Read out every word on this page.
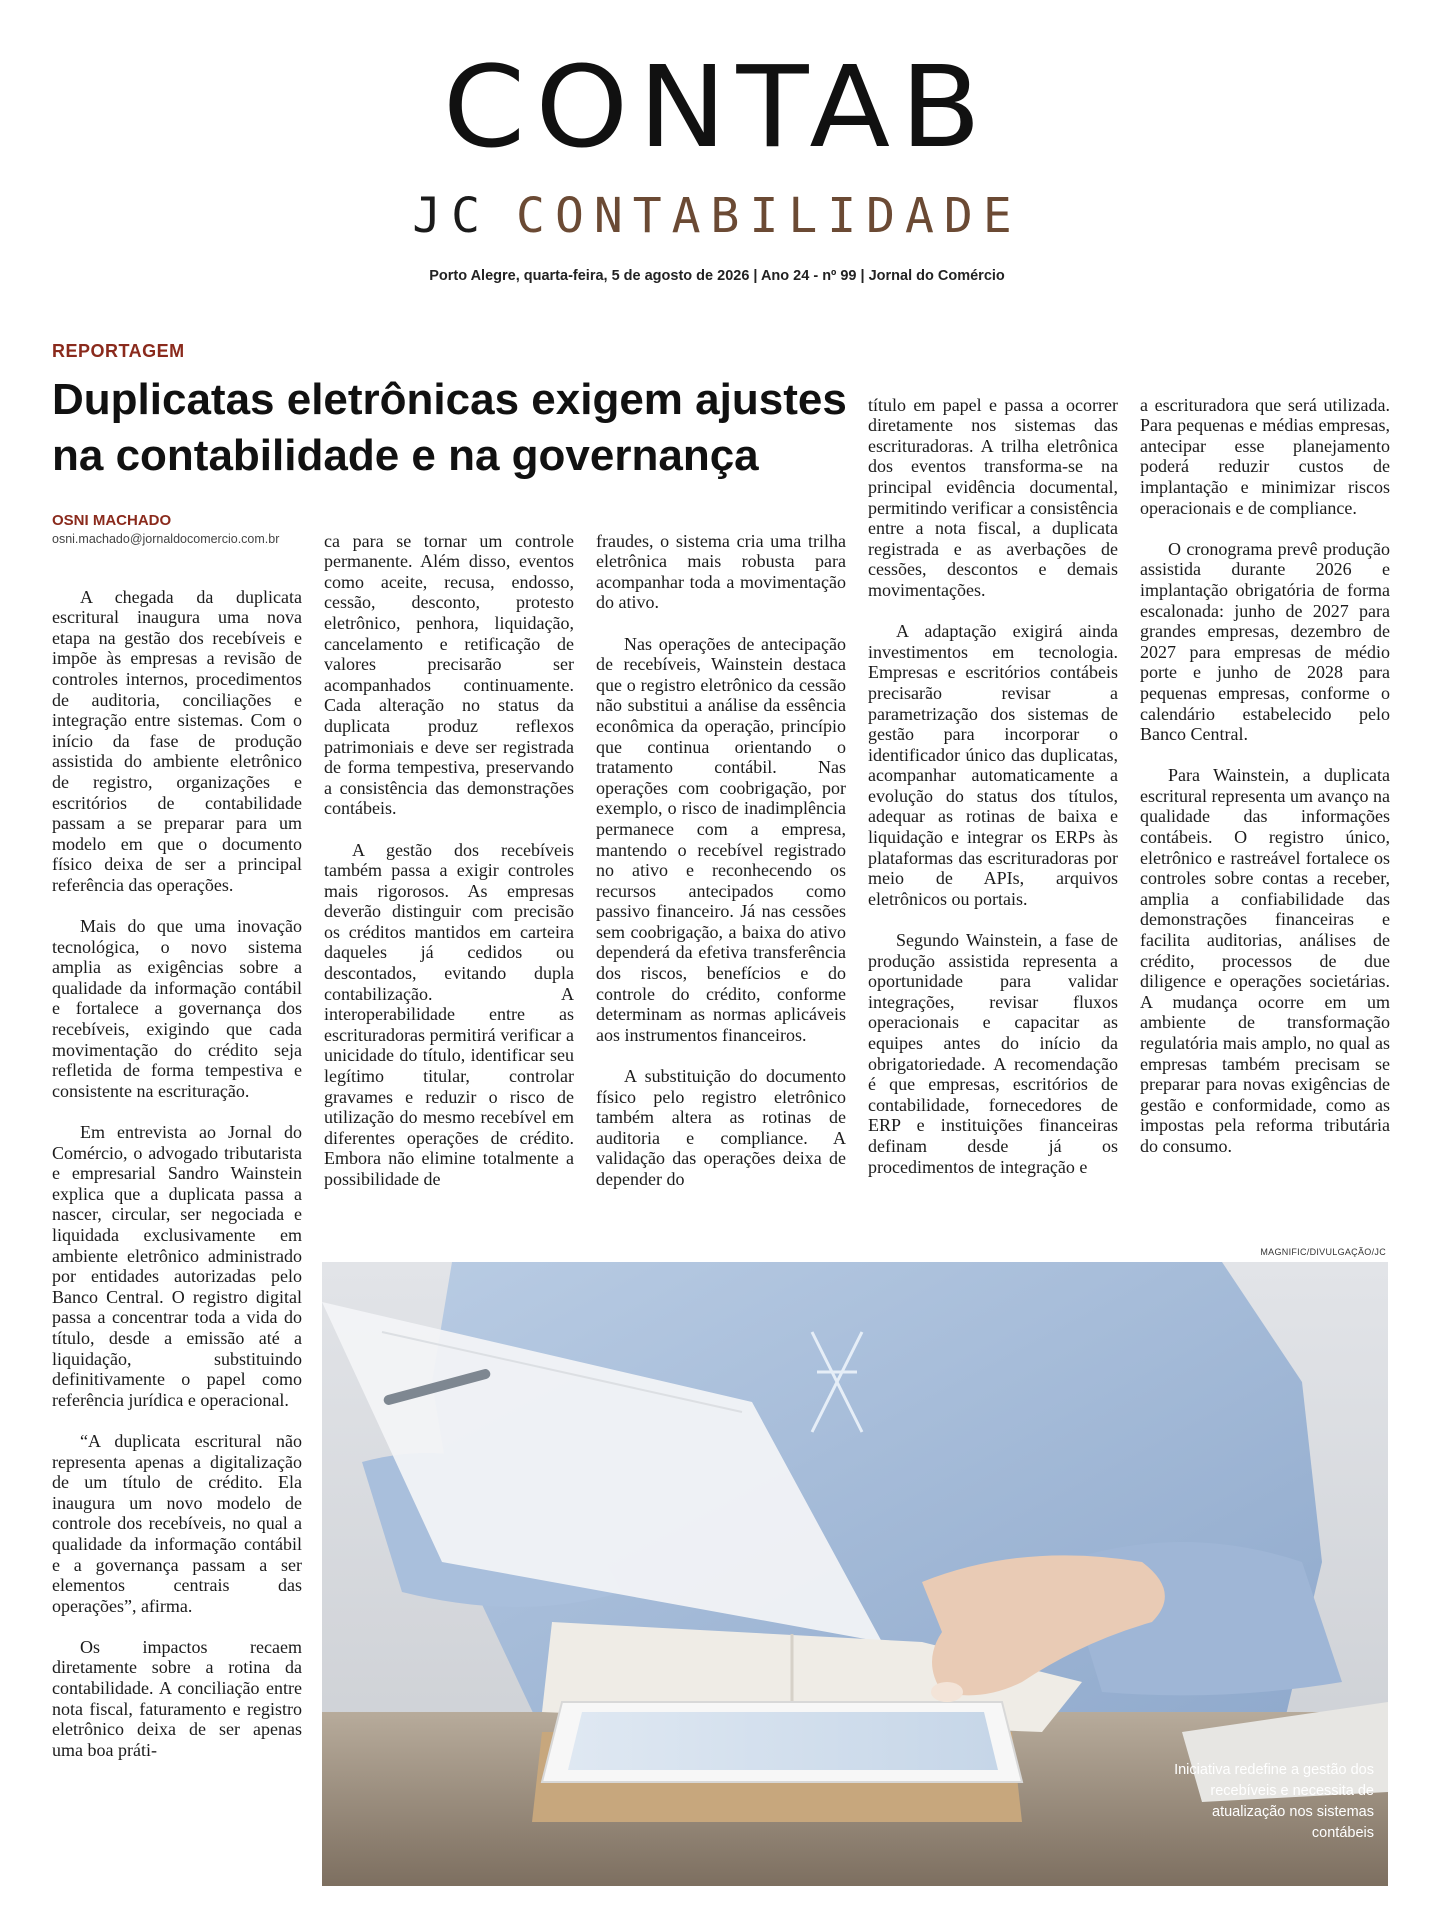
CONTAB
JC CONTABILIDADE
Porto Alegre, quarta-feira, 5 de agosto de 2026 | Ano 24 - nº 99 | Jornal do Comércio
REPORTAGEM
Duplicatas eletrônicas exigem ajustes na contabilidade e na governança
OSNI MACHADO
osni.machado@jornaldocomercio.com.br

A chegada da duplicata escritural inaugura uma nova etapa na gestão dos recebíveis e impõe às empresas a revisão de controles internos, procedimentos de auditoria, conciliações e integração entre sistemas. Com o início da fase de produção assistida do ambiente eletrônico de registro, organizações e escritórios de contabilidade passam a se preparar para um modelo em que o documento físico deixa de ser a principal referência das operações.

Mais do que uma inovação tecnológica, o novo sistema amplia as exigências sobre a qualidade da informação contábil e fortalece a governança dos recebíveis, exigindo que cada movimentação do crédito seja refletida de forma tempestiva e consistente na escrituração.

Em entrevista ao Jornal do Comércio, o advogado tributarista e empresarial Sandro Wainstein explica que a duplicata passa a nascer, circular, ser negociada e liquidada exclusivamente em ambiente eletrônico administrado por entidades autorizadas pelo Banco Central. O registro digital passa a concentrar toda a vida do título, desde a emissão até a liquidação, substituindo definitivamente o papel como referência jurídica e operacional.

“A duplicata escritural não representa apenas a digitalização de um título de crédito. Ela inaugura um novo modelo de controle dos recebíveis, no qual a qualidade da informação contábil e a governança passam a ser elementos centrais das operações”, afirma.

Os impactos recaem diretamente sobre a rotina da contabilidade. A conciliação entre nota fiscal, faturamento e registro eletrônico deixa de ser apenas uma boa práti-

ca para se tornar um controle permanente. Além disso, eventos como aceite, recusa, endosso, cessão, desconto, protesto eletrônico, penhora, liquidação, cancelamento e retificação de valores precisarão ser acompanhados continuamente. Cada alteração no status da duplicata produz reflexos patrimoniais e deve ser registrada de forma tempestiva, preservando a consistência das demonstrações contábeis.

A gestão dos recebíveis também passa a exigir controles mais rigorosos. As empresas deverão distinguir com precisão os créditos mantidos em carteira daqueles já cedidos ou descontados, evitando dupla contabilização. A interoperabilidade entre as escrituradoras permitirá verificar a unicidade do título, identificar seu legítimo titular, controlar gravames e reduzir o risco de utilização do mesmo recebível em diferentes operações de crédito. Embora não elimine totalmente a possibilidade de

fraudes, o sistema cria uma trilha eletrônica mais robusta para acompanhar toda a movimentação do ativo.

Nas operações de antecipação de recebíveis, Wainstein destaca que o registro eletrônico da cessão não substitui a análise da essência econômica da operação, princípio que continua orientando o tratamento contábil. Nas operações com coobrigação, por exemplo, o risco de inadimplência permanece com a empresa, mantendo o recebível registrado no ativo e reconhecendo os recursos antecipados como passivo financeiro. Já nas cessões sem coobrigação, a baixa do ativo dependerá da efetiva transferência dos riscos, benefícios e do controle do crédito, conforme determinam as normas aplicáveis aos instrumentos financeiros.

A substituição do documento físico pelo registro eletrônico também altera as rotinas de auditoria e compliance. A validação das operações deixa de depender do

título em papel e passa a ocorrer diretamente nos sistemas das escrituradoras. A trilha eletrônica dos eventos transforma-se na principal evidência documental, permitindo verificar a consistência entre a nota fiscal, a duplicata registrada e as averbações de cessões, descontos e demais movimentações.

A adaptação exigirá ainda investimentos em tecnologia. Empresas e escritórios contábeis precisarão revisar a parametrização dos sistemas de gestão para incorporar o identificador único das duplicatas, acompanhar automaticamente a evolução do status dos títulos, adequar as rotinas de baixa e liquidação e integrar os ERPs às plataformas das escrituradoras por meio de APIs, arquivos eletrônicos ou portais.

Segundo Wainstein, a fase de produção assistida representa a oportunidade para validar integrações, revisar fluxos operacionais e capacitar as equipes antes do início da obrigatoriedade. A recomendação é que empresas, escritórios de contabilidade, fornecedores de ERP e instituições financeiras definam desde já os procedimentos de integração e

a escrituradora que será utilizada. Para pequenas e médias empresas, antecipar esse planejamento poderá reduzir custos de implantação e minimizar riscos operacionais e de compliance.

O cronograma prevê produção assistida durante 2026 e implantação obrigatória de forma escalonada: junho de 2027 para grandes empresas, dezembro de 2027 para empresas de médio porte e junho de 2028 para pequenas empresas, conforme o calendário estabelecido pelo Banco Central.

Para Wainstein, a duplicata escritural representa um avanço na qualidade das informações contábeis. O registro único, eletrônico e rastreável fortalece os controles sobre contas a receber, amplia a confiabilidade das demonstrações financeiras e facilita auditorias, análises de crédito, processos de due diligence e operações societárias. A mudança ocorre em um ambiente de transformação regulatória mais amplo, no qual as empresas também precisam se preparar para novas exigências de gestão e conformidade, como as impostas pela reforma tributária do consumo.

MAGNIFIC/DIVULGAÇÃO/JC
Iniciativa redefine a gestão dos recebíveis e necessita de atualização nos sistemas contábeis
